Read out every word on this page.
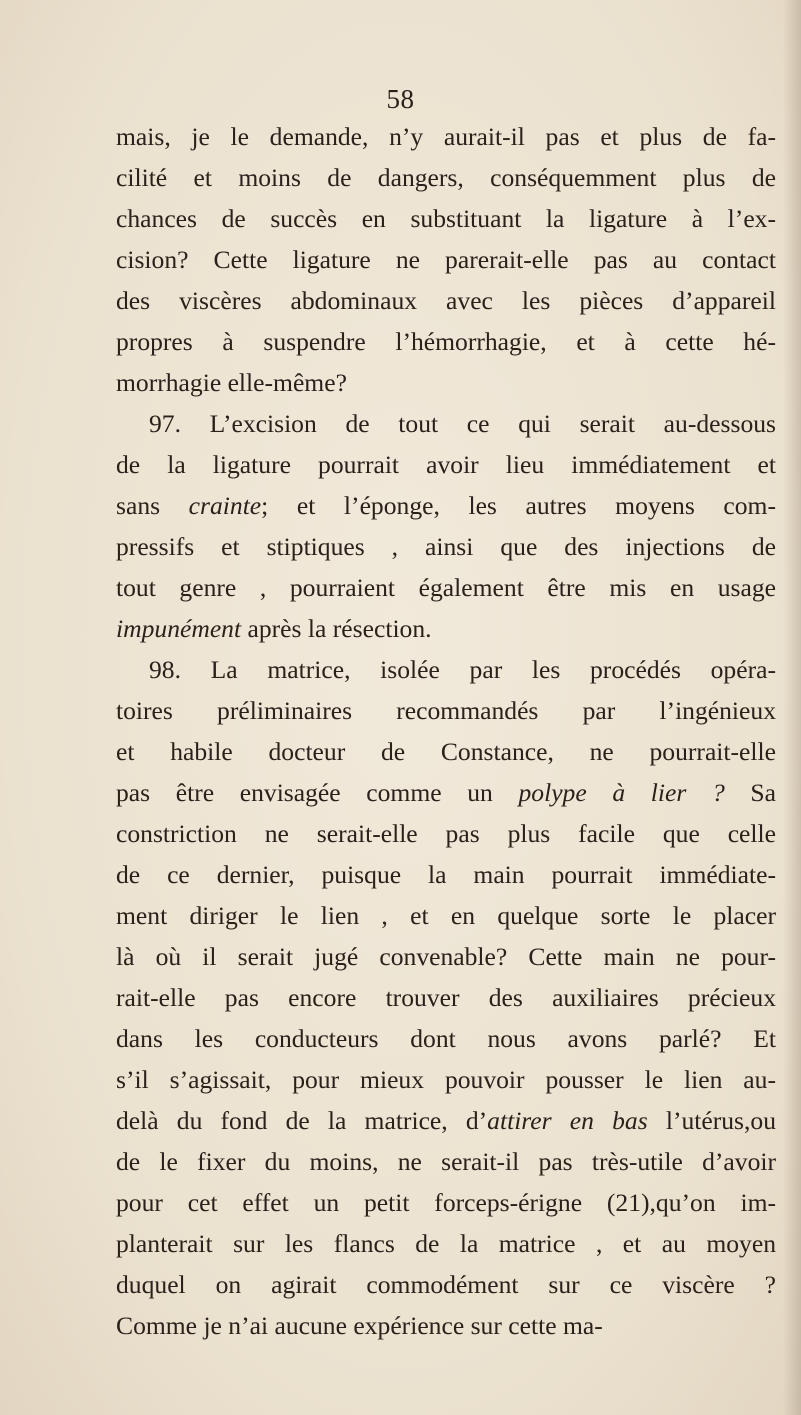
58
mais, je le demande, n’y aurait-il pas et plus de fa-
cilité et moins de dangers, conséquemment plus de
chances de succès en substituant la ligature à l’ex-
cision? Cette ligature ne parerait-elle pas au contact
des viscères abdominaux avec les pièces d’appareil
propres à suspendre l’hémorrhagie, et à cette hé-
morrhagie elle-même?
97. L’excision de tout ce qui serait au-dessous
de la ligature pourrait avoir lieu immédiatement et
sans crainte; et l’éponge, les autres moyens com-
pressifs et stiptiques , ainsi que des injections de
tout genre , pourraient également être mis en usage
impunément après la résection.
98. La matrice, isolée par les procédés opéra-
toires préliminaires recommandés par l’ingénieux
et habile docteur de Constance, ne pourrait-elle
pas être envisagée comme un polype à lier ? Sa
constriction ne serait-elle pas plus facile que celle
de ce dernier, puisque la main pourrait immédiate-
ment diriger le lien , et en quelque sorte le placer
là où il serait jugé convenable? Cette main ne pour-
rait-elle pas encore trouver des auxiliaires précieux
dans les conducteurs dont nous avons parlé? Et
s’il s’agissait, pour mieux pouvoir pousser le lien au-
delà du fond de la matrice, d’attirer en bas l’utérus,ou
de le fixer du moins, ne serait-il pas très-utile d’avoir
pour cet effet un petit forceps-érigne (21),qu’on im-
planterait sur les flancs de la matrice , et au moyen
duquel on agirait commodément sur ce viscère ?
Comme je n’ai aucune expérience sur cette ma-
